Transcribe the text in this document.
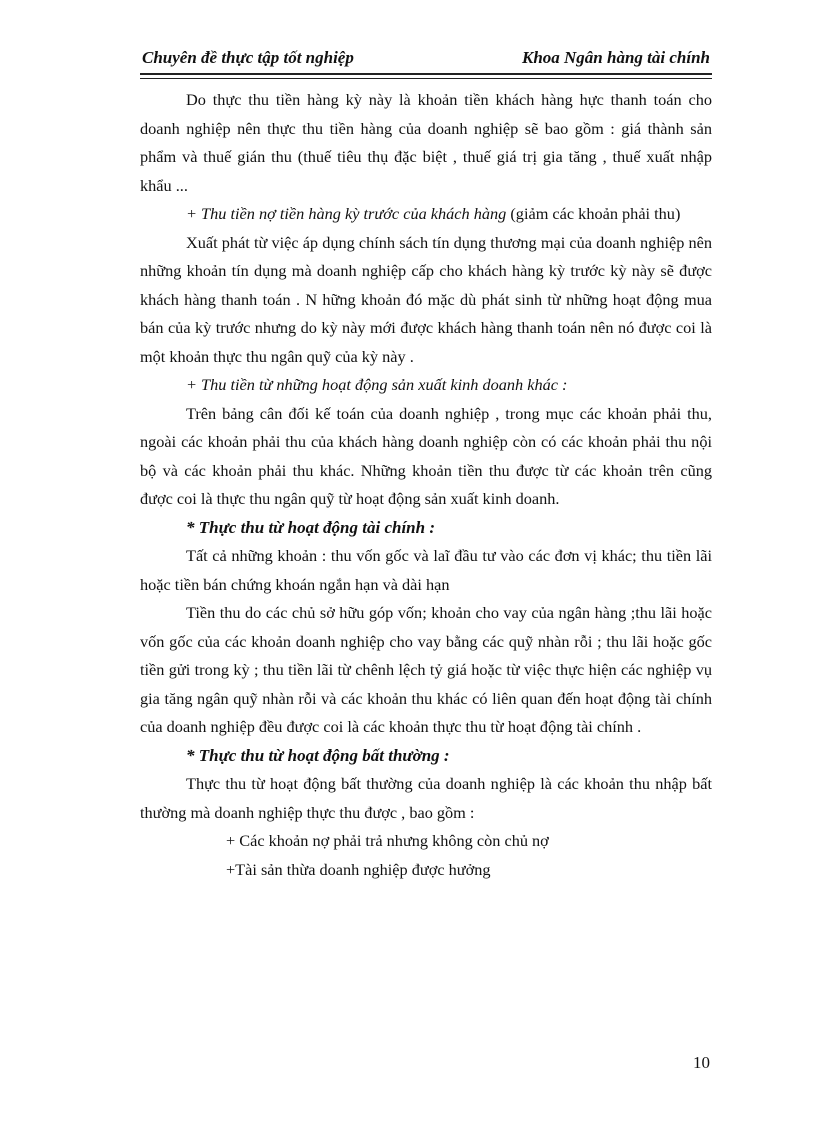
Chuyên đề thực tập tốt nghiệp	Khoa Ngân hàng tài chính

Do thực thu tiền hàng kỳ này là khoản tiền khách hàng hực thanh toán cho doanh nghiệp nên thực thu tiền hàng của doanh nghiệp sẽ bao gồm : giá thành sản phẩm và thuế gián thu (thuế tiêu thụ đặc biệt , thuế giá trị gia tăng , thuế xuất nhập khẩu ...

+ Thu tiền nợ tiền hàng kỳ trước của khách hàng (giảm các khoản phải thu)

Xuất phát từ việc áp dụng chính sách tín dụng thương mại của doanh nghiệp nên những khoản tín dụng mà doanh nghiệp cấp cho khách hàng kỳ trước kỳ này sẽ được khách hàng thanh toán . N hững khoản đó mặc dù phát sinh từ những hoạt động mua bán của kỳ trước nhưng do kỳ này mới được khách hàng thanh toán nên nó được coi là một khoản thực thu ngân quỹ của kỳ này .

+ Thu tiền từ những hoạt động sản xuất kinh doanh khác :

Trên bảng cân đối kế toán của doanh nghiệp , trong mục các khoản phải thu, ngoài các khoản phải thu của khách hàng doanh nghiệp còn có các khoản phải thu nội bộ và các khoản phải thu khác. Những khoản tiền thu được từ các khoản trên cũng được coi là thực thu ngân quỹ từ hoạt động sản xuất kinh doanh.

* Thực thu từ hoạt động tài chính :

Tất cả những khoản : thu vốn gốc và laĩ đầu tư vào các đơn vị khác; thu tiền lãi hoặc tiền bán chứng khoán ngắn hạn và dài hạn

Tiền thu do các chủ sở hữu góp vốn; khoản cho vay của ngân hàng ;thu lãi hoặc vốn gốc của các khoản doanh nghiệp cho vay bằng các quỹ nhàn rỗi ; thu lãi hoặc gốc tiền gửi trong kỳ ; thu tiền lãi từ chênh lệch tỷ giá hoặc từ việc thực hiện các nghiệp vụ gia tăng ngân quỹ nhàn rỗi và các khoản thu khác có liên quan đến hoạt động tài chính của doanh nghiệp đều được coi là các khoản thực thu từ hoạt động tài chính .

* Thực thu từ hoạt động bất thường :

Thực thu từ hoạt động bất thường của doanh nghiệp là các khoản thu nhập bất thường mà doanh nghiệp thực thu được , bao gồm :

+ Các khoản nợ phải trả nhưng không còn chủ nợ

+Tài sản thừa doanh nghiệp được hưởng

10
